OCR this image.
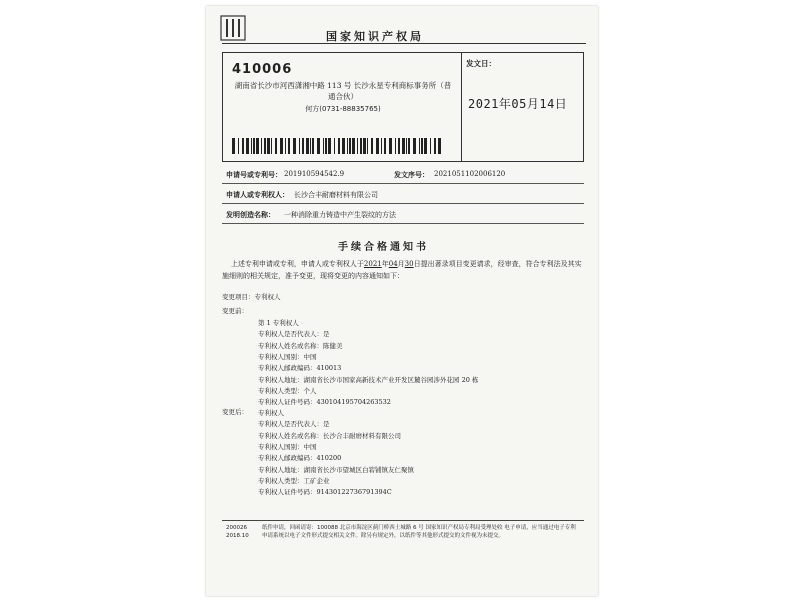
国家知识产权局
410006
湖南省长沙市河西潇湘中路 113 号 长沙永星专利商标事务所（普通合伙）
何方(0731-88835765)
发文日：
2021年05月14日
申请号或专利号： 201910594542.9	发文序号： 2021051102006120
申请人或专利权人： 长沙合丰耐磨材料有限公司
发明创造名称： 一种消除重力铸造中产生裂纹的方法
手续合格通知书
上述专利申请或专利，申请人或专利权人于2021年04月30日提出著录项目变更请求，经审查，符合专利法及其实施细则的相关规定，准予变更，现将变更的内容通知如下：
变更项目：专利权人
变更前：
第 1 专利权人
专利权人是否代表人：是
专利权人姓名或名称：陈健美
专利权人国别：中国
专利权人邮政编码：410013
专利权人地址：湖南省长沙市国家高新技术产业开发区麓谷园涉外花园 20 栋
专利权人类型：个人
专利权人证件号码：430104195704263532
变更后： 专利权人
专利权人是否代表人：是
专利权人姓名或名称：长沙合丰耐磨材料有限公司
专利权人国别：中国
专利权人邮政编码：410200
专利权人地址：湖南省长沙市望城区白箬铺镇友仁聚镇
专利权人类型：工矿企业
专利权人证件号码：91430122736791394C
200026
2018.10
纸件申请，回函请寄：100088 北京市海淀区蓟门桥西土城路 6 号 国家知识产权局专利局受理处收 电子申请，应当通过电子专利申请系统以电子文件形式提交相关文件。除另有规定外，以纸件等其他形式提交的文件视为未提交。
